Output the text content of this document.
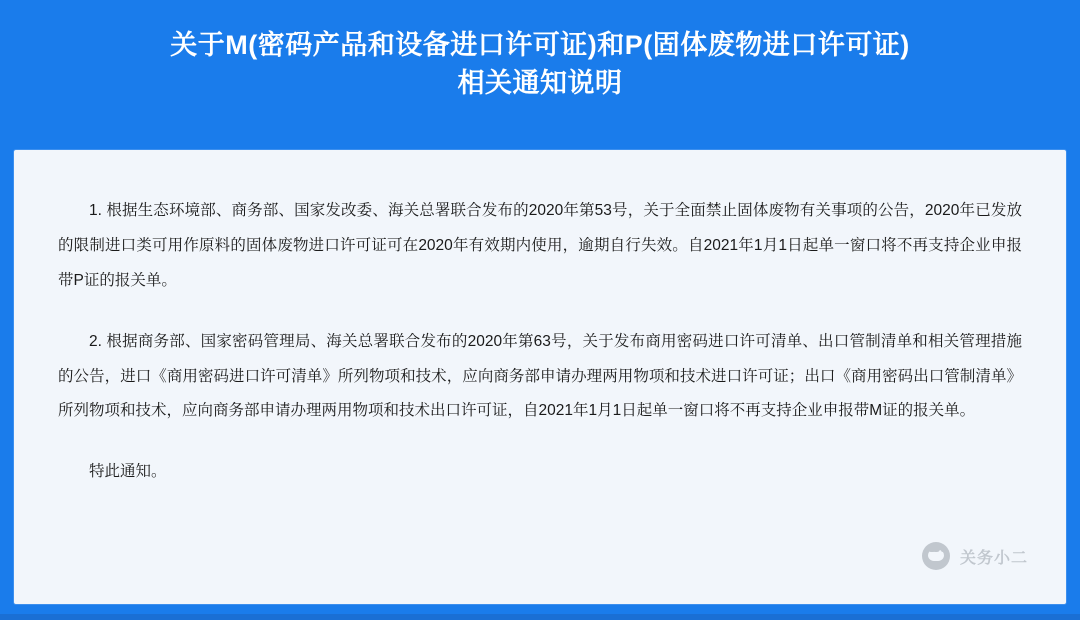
关于M(密码产品和设备进口许可证)和P(固体废物进口许可证)
相关通知说明

1. 根据生态环境部、商务部、国家发改委、海关总署联合发布的2020年第53号，关于全面禁止固体废物有关事项的公告，2020年已发放的限制进口类可用作原料的固体废物进口许可证可在2020年有效期内使用，逾期自行失效。自2021年1月1日起单一窗口将不再支持企业申报带P证的报关单。

2. 根据商务部、国家密码管理局、海关总署联合发布的2020年第63号，关于发布商用密码进口许可清单、出口管制清单和相关管理措施的公告，进口《商用密码进口许可清单》所列物项和技术，应向商务部申请办理两用物项和技术进口许可证；出口《商用密码出口管制清单》所列物项和技术，应向商务部申请办理两用物项和技术出口许可证，自2021年1月1日起单一窗口将不再支持企业申报带M证的报关单。

特此通知。

关务小二
